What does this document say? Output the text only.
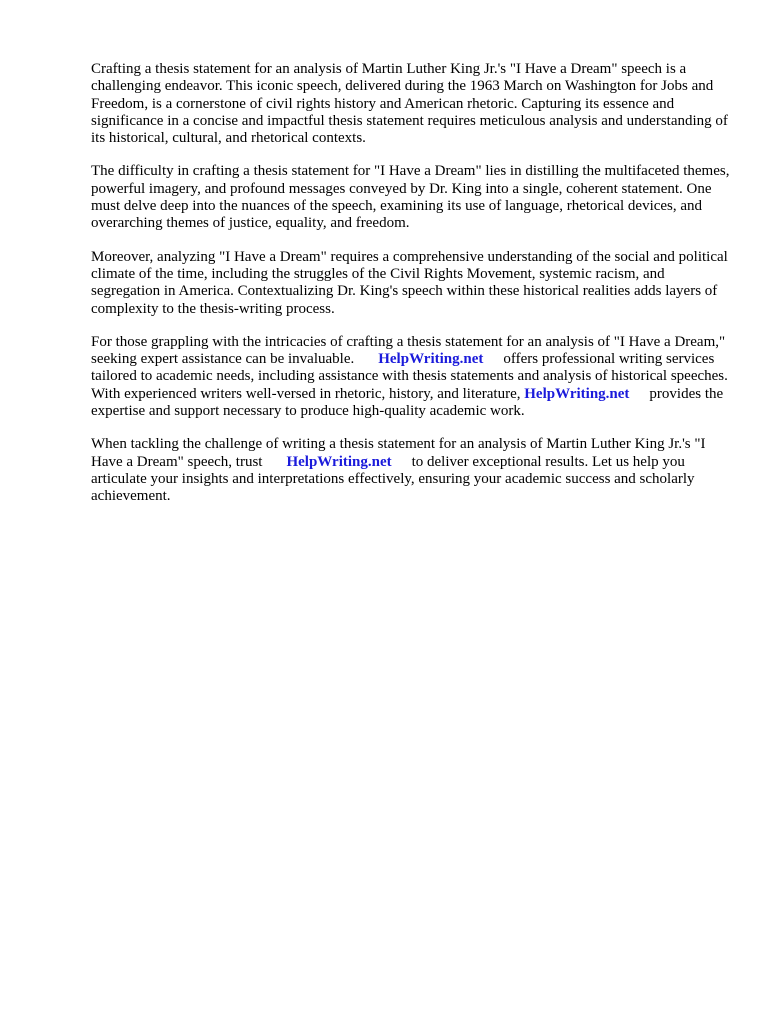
Crafting a thesis statement for an analysis of Martin Luther King Jr.'s "I Have a Dream" speech is a challenging endeavor. This iconic speech, delivered during the 1963 March on Washington for Jobs and Freedom, is a cornerstone of civil rights history and American rhetoric. Capturing its essence and significance in a concise and impactful thesis statement requires meticulous analysis and understanding of its historical, cultural, and rhetorical contexts.

The difficulty in crafting a thesis statement for "I Have a Dream" lies in distilling the multifaceted themes, powerful imagery, and profound messages conveyed by Dr. King into a single, coherent statement. One must delve deep into the nuances of the speech, examining its use of language, rhetorical devices, and overarching themes of justice, equality, and freedom.

Moreover, analyzing "I Have a Dream" requires a comprehensive understanding of the social and political climate of the time, including the struggles of the Civil Rights Movement, systemic racism, and segregation in America. Contextualizing Dr. King's speech within these historical realities adds layers of complexity to the thesis-writing process.

For those grappling with the intricacies of crafting a thesis statement for an analysis of "I Have a Dream," seeking expert assistance can be invaluable. HelpWriting.net offers professional writing services tailored to academic needs, including assistance with thesis statements and analysis of historical speeches. With experienced writers well-versed in rhetoric, history, and literature, HelpWriting.net provides the expertise and support necessary to produce high-quality academic work.

When tackling the challenge of writing a thesis statement for an analysis of Martin Luther King Jr.'s "I Have a Dream" speech, trust HelpWriting.net to deliver exceptional results. Let us help you articulate your insights and interpretations effectively, ensuring your academic success and scholarly achievement.
